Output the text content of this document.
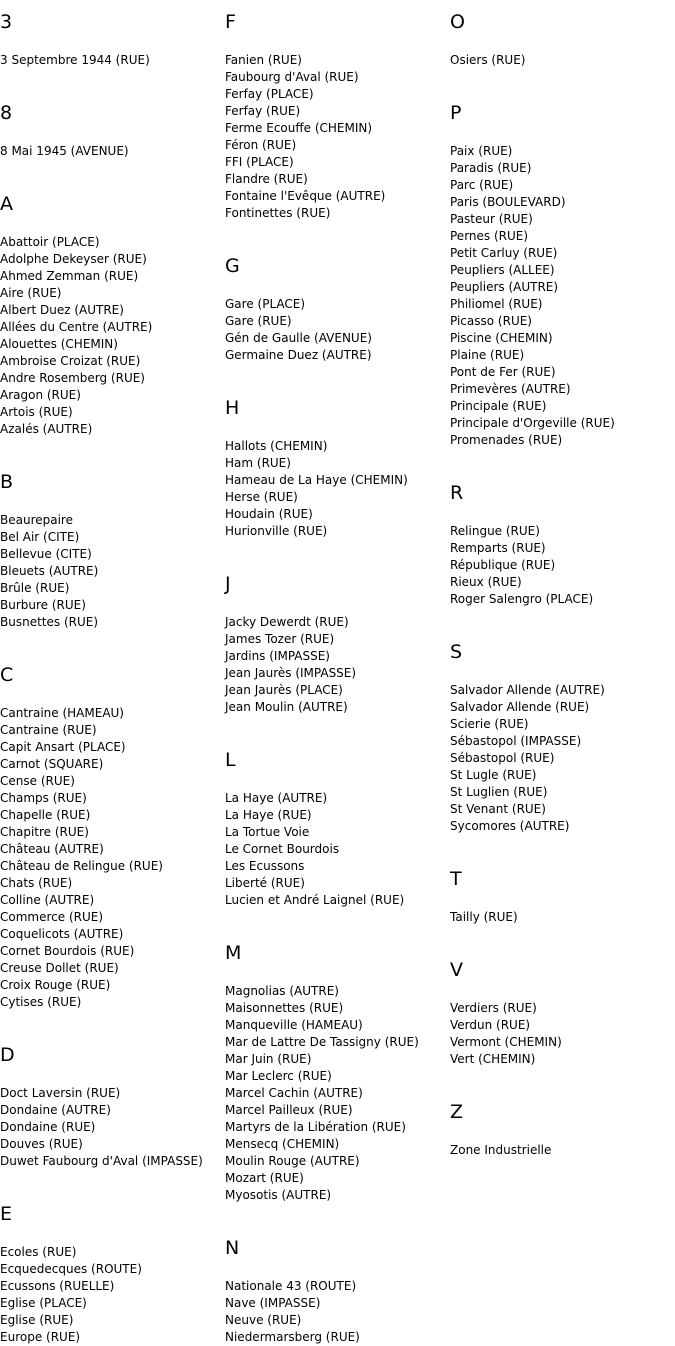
3
3 Septembre 1944 (RUE)
8
8 Mai 1945 (AVENUE)
A
Abattoir (PLACE)
Adolphe Dekeyser (RUE)
Ahmed Zemman (RUE)
Aire (RUE)
Albert Duez (AUTRE)
Allées du Centre (AUTRE)
Alouettes (CHEMIN)
Ambroise Croizat (RUE)
Andre Rosemberg (RUE)
Aragon (RUE)
Artois (RUE)
Azalés (AUTRE)
B
Beaurepaire
Bel Air (CITE)
Bellevue (CITE)
Bleuets (AUTRE)
Brûle (RUE)
Burbure (RUE)
Busnettes (RUE)
C
Cantraine (HAMEAU)
Cantraine (RUE)
Capit Ansart (PLACE)
Carnot (SQUARE)
Cense (RUE)
Champs (RUE)
Chapelle (RUE)
Chapitre (RUE)
Château (AUTRE)
Château de Relingue (RUE)
Chats (RUE)
Colline (AUTRE)
Commerce (RUE)
Coquelicots (AUTRE)
Cornet Bourdois (RUE)
Creuse Dollet (RUE)
Croix Rouge (RUE)
Cytises (RUE)
D
Doct Laversin (RUE)
Dondaine (AUTRE)
Dondaine (RUE)
Douves (RUE)
Duwet Faubourg d'Aval (IMPASSE)
E
Ecoles (RUE)
Ecquedecques (ROUTE)
Ecussons (RUELLE)
Eglise (PLACE)
Eglise (RUE)
Europe (RUE)
F
Fanien (RUE)
Faubourg d'Aval (RUE)
Ferfay (PLACE)
Ferfay (RUE)
Ferme Ecouffe (CHEMIN)
Féron (RUE)
FFI (PLACE)
Flandre (RUE)
Fontaine l'Evêque (AUTRE)
Fontinettes (RUE)
G
Gare (PLACE)
Gare (RUE)
Gén de Gaulle (AVENUE)
Germaine Duez (AUTRE)
H
Hallots (CHEMIN)
Ham (RUE)
Hameau de La Haye (CHEMIN)
Herse (RUE)
Houdain (RUE)
Hurionville (RUE)
J
Jacky Dewerdt (RUE)
James Tozer (RUE)
Jardins (IMPASSE)
Jean Jaurès (IMPASSE)
Jean Jaurès (PLACE)
Jean Moulin (AUTRE)
L
La Haye (AUTRE)
La Haye (RUE)
La Tortue Voie
Le Cornet Bourdois
Les Ecussons
Liberté (RUE)
Lucien et André Laignel (RUE)
M
Magnolias (AUTRE)
Maisonnettes (RUE)
Manqueville (HAMEAU)
Mar de Lattre De Tassigny (RUE)
Mar Juin (RUE)
Mar Leclerc (RUE)
Marcel Cachin (AUTRE)
Marcel Pailleux (RUE)
Martyrs de la Libération (RUE)
Mensecq (CHEMIN)
Moulin Rouge (AUTRE)
Mozart (RUE)
Myosotis (AUTRE)
N
Nationale 43 (ROUTE)
Nave (IMPASSE)
Neuve (RUE)
Niedermarsberg (RUE)
O
Osiers (RUE)
P
Paix (RUE)
Paradis (RUE)
Parc (RUE)
Paris (BOULEVARD)
Pasteur (RUE)
Pernes (RUE)
Petit Carluy (RUE)
Peupliers (ALLEE)
Peupliers (AUTRE)
Philiomel (RUE)
Picasso (RUE)
Piscine (CHEMIN)
Plaine (RUE)
Pont de Fer (RUE)
Primevères (AUTRE)
Principale (RUE)
Principale d'Orgeville (RUE)
Promenades (RUE)
R
Relingue (RUE)
Remparts (RUE)
République (RUE)
Rieux (RUE)
Roger Salengro (PLACE)
S
Salvador Allende (AUTRE)
Salvador Allende (RUE)
Scierie (RUE)
Sébastopol (IMPASSE)
Sébastopol (RUE)
St Lugle (RUE)
St Luglien (RUE)
St Venant (RUE)
Sycomores (AUTRE)
T
Tailly (RUE)
V
Verdiers (RUE)
Verdun (RUE)
Vermont (CHEMIN)
Vert (CHEMIN)
Z
Zone Industrielle
